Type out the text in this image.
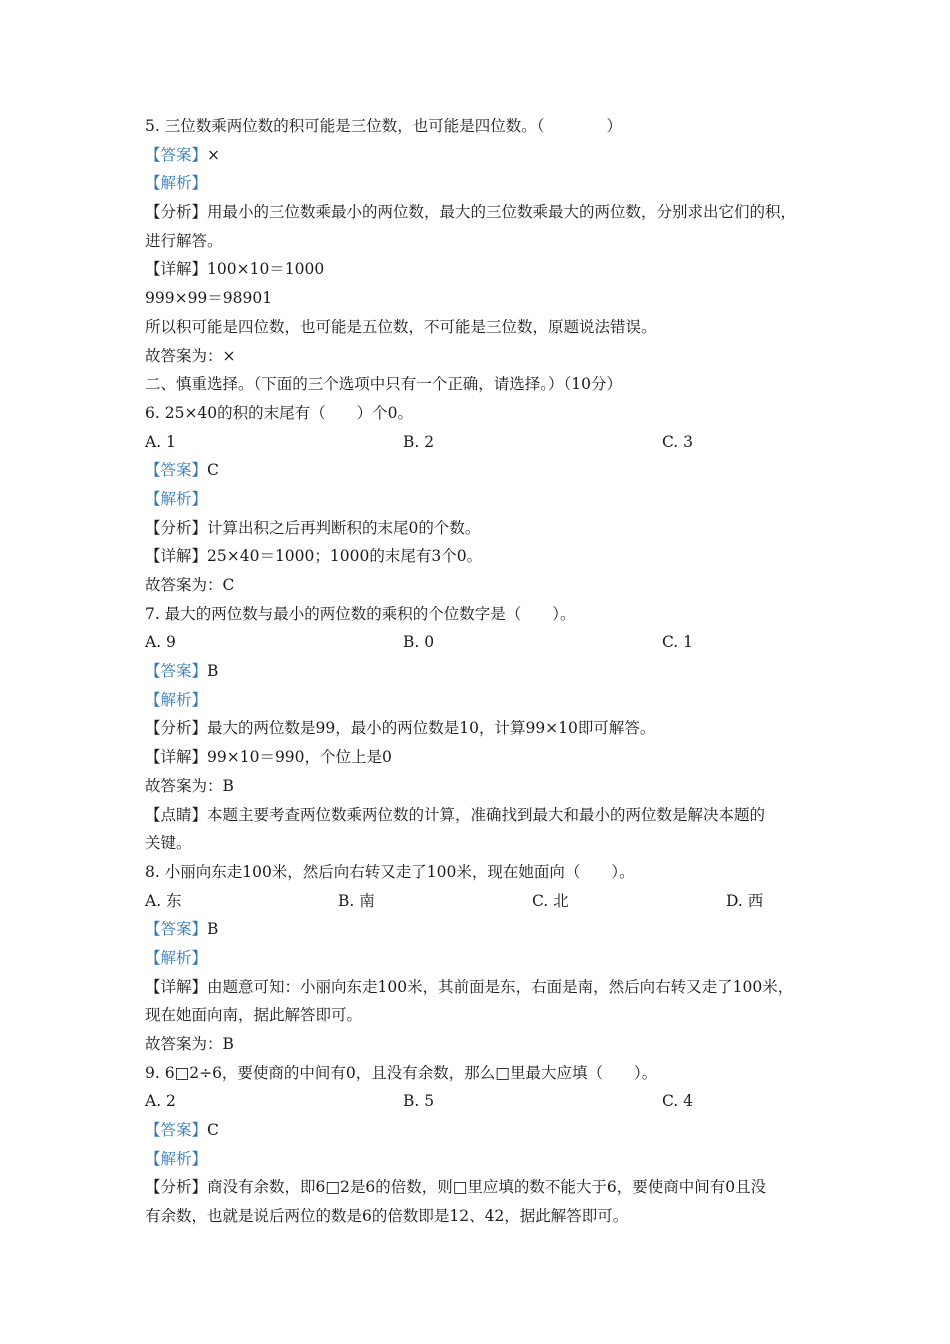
5. 三位数乘两位数的积可能是三位数，也可能是四位数。（　　　　）
【答案】×
【解析】
【分析】用最小的三位数乘最小的两位数，最大的三位数乘最大的两位数，分别求出它们的积，
进行解答。
【详解】100×10＝1000
999×99＝98901
所以积可能是四位数，也可能是五位数，不可能是三位数，原题说法错误。
故答案为：×
二、慎重选择。（下面的三个选项中只有一个正确，请选择。）（10分）
6. 25×40的积的末尾有（　　）个0。
A. 1	B. 2	C. 3
【答案】C
【解析】
【分析】计算出积之后再判断积的末尾0的个数。
【详解】25×40＝1000；1000的末尾有3个0。
故答案为：C
7. 最大的两位数与最小的两位数的乘积的个位数字是（　　）。
A. 9	B. 0	C. 1
【答案】B
【解析】
【分析】最大的两位数是99，最小的两位数是10，计算99×10即可解答。
【详解】99×10＝990，个位上是0
故答案为：B
【点睛】本题主要考查两位数乘两位数的计算，准确找到最大和最小的两位数是解决本题的
关键。
8. 小丽向东走100米，然后向右转又走了100米，现在她面向（　　）。
A. 东	B. 南	C. 北	D. 西
【答案】B
【解析】
【详解】由题意可知：小丽向东走100米，其前面是东，右面是南，然后向右转又走了100米，
现在她面向南，据此解答即可。
故答案为：B
9. 6□2÷6，要使商的中间有0，且没有余数，那么□里最大应填（　　）。
A. 2	B. 5	C. 4
【答案】C
【解析】
【分析】商没有余数，即6□2是6的倍数，则□里应填的数不能大于6，要使商中间有0且没
有余数，也就是说后两位的数是6的倍数即是12、42，据此解答即可。
